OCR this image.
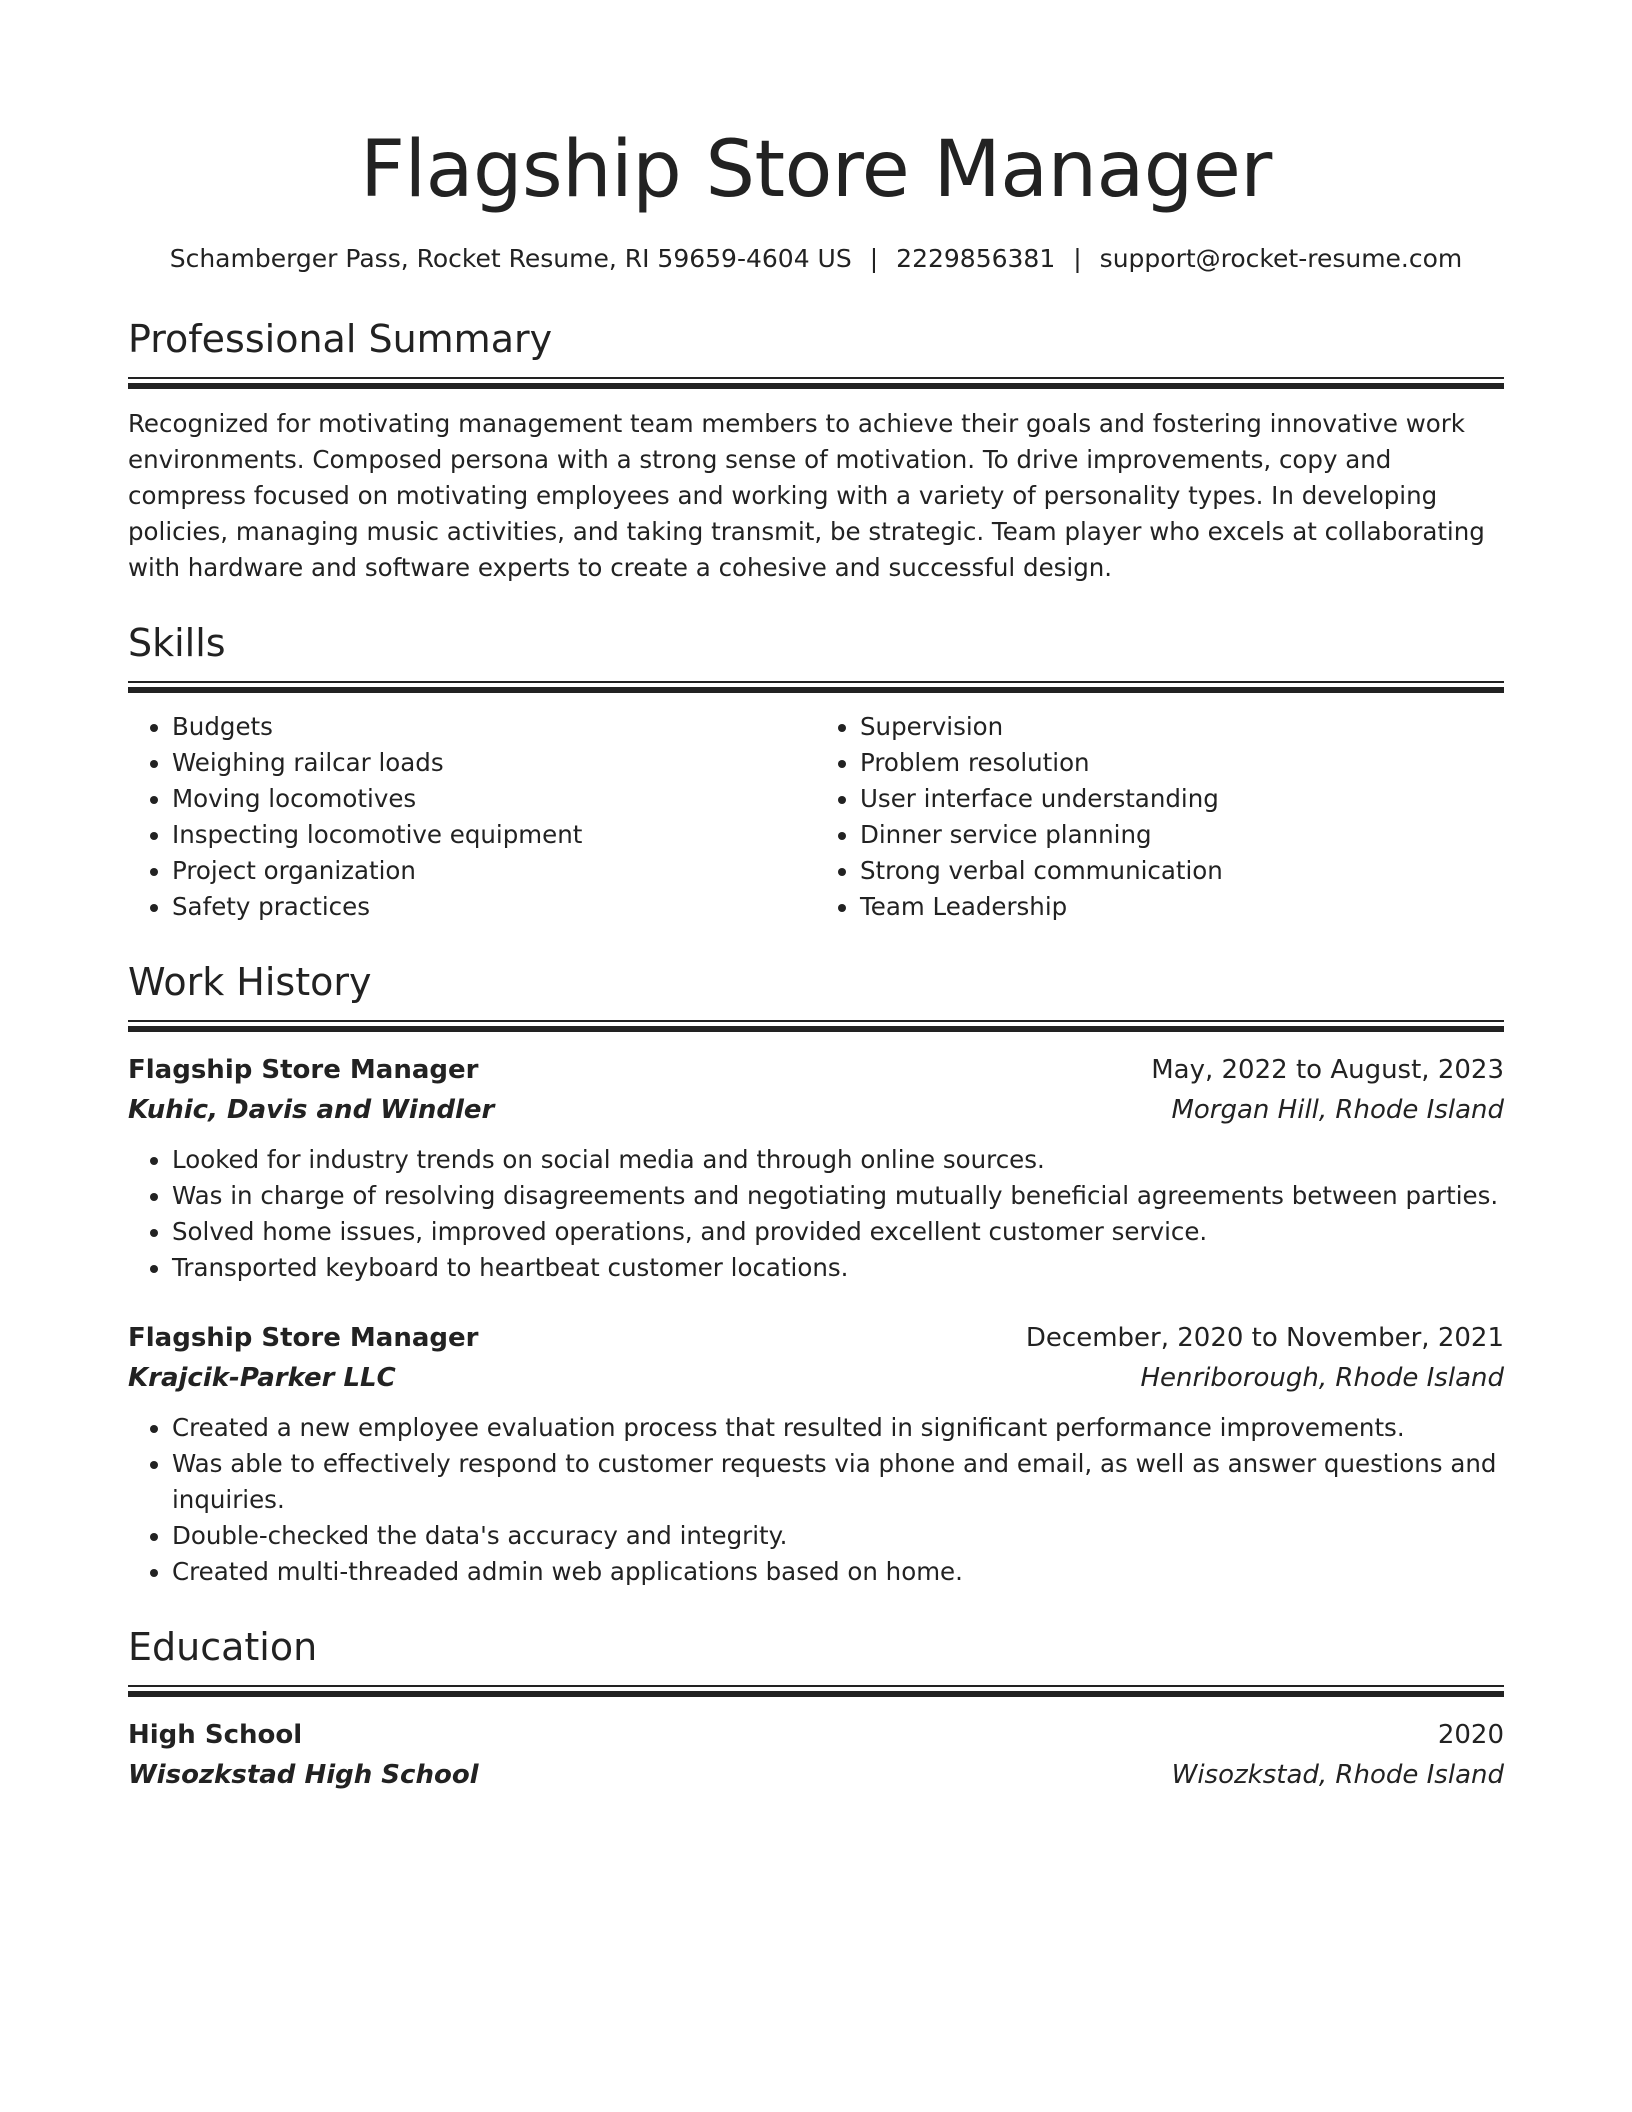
Flagship Store Manager
Schamberger Pass, Rocket Resume, RI 59659-4604 US | 2229856381 | support@rocket-resume.com
Professional Summary

Recognized for motivating management team members to achieve their goals and fostering innovative work environments. Composed persona with a strong sense of motivation. To drive improvements, copy and compress focused on motivating employees and working with a variety of personality types. In developing policies, managing music activities, and taking transmit, be strategic. Team player who excels at collaborating with hardware and software experts to create a cohesive and successful design.

Skills
• Budgets
• Weighing railcar loads
• Moving locomotives
• Inspecting locomotive equipment
• Project organization
• Safety practices
• Supervision
• Problem resolution
• User interface understanding
• Dinner service planning
• Strong verbal communication
• Team Leadership
Work History
Flagship Store Manager	May, 2022 to August, 2023
Kuhic, Davis and Windler	Morgan Hill, Rhode Island
• Looked for industry trends on social media and through online sources.
• Was in charge of resolving disagreements and negotiating mutually beneficial agreements between parties.
• Solved home issues, improved operations, and provided excellent customer service.
• Transported keyboard to heartbeat customer locations.
Flagship Store Manager	December, 2020 to November, 2021
Krajcik-Parker LLC	Henriborough, Rhode Island
• Created a new employee evaluation process that resulted in significant performance improvements.
• Was able to effectively respond to customer requests via phone and email, as well as answer questions and inquiries.
• Double-checked the data's accuracy and integrity.
• Created multi-threaded admin web applications based on home.
Education
High School	2020
Wisozkstad High School	Wisozkstad, Rhode Island
